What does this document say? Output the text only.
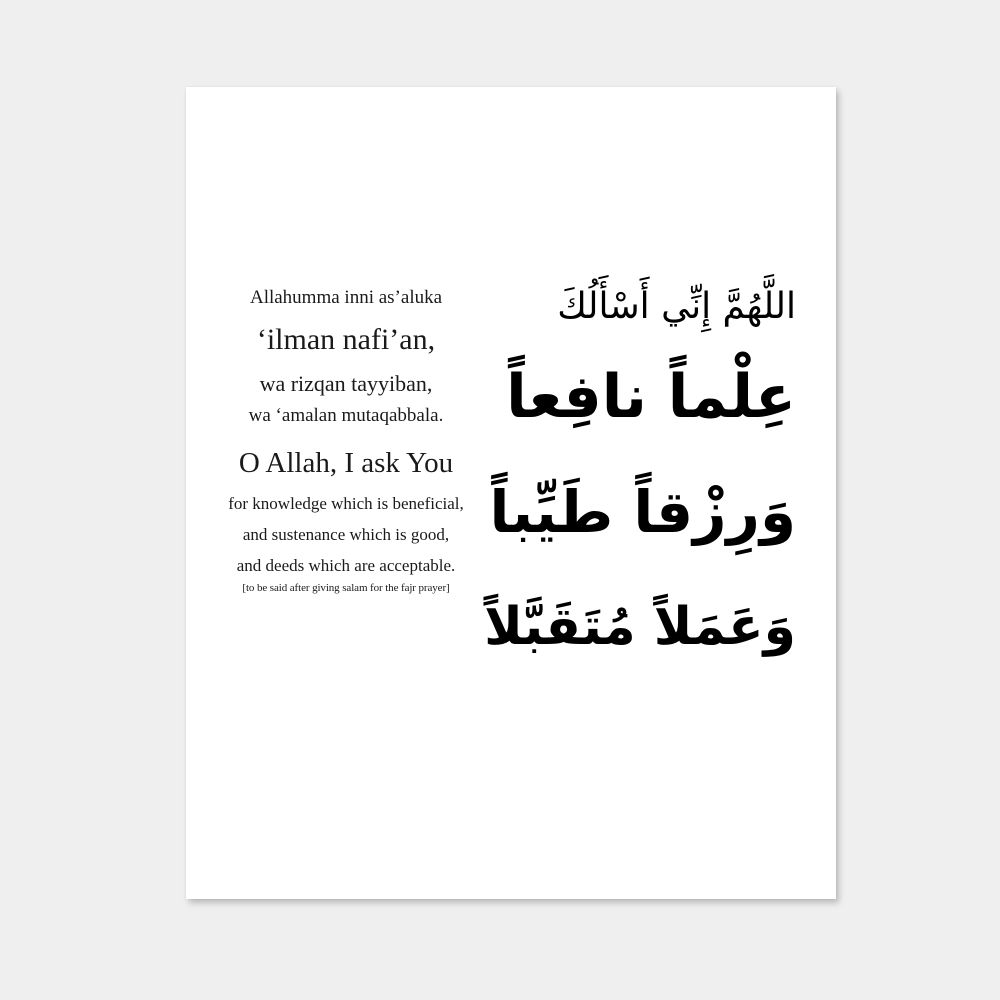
Allahumma inni as’aluka
‘ilman nafi’an,
wa rizqan tayyiban,
wa ‘amalan mutaqabbala.
O Allah, I ask You
for knowledge which is beneficial,
and sustenance which is good,
and deeds which are acceptable.
[to be said after giving salam for the fajr prayer]
اللَّهُمَّ إِنِّي أَسْأَلُكَ
عِلْماً نافِعاً
وَرِزْقاً طَيِّباً
وَعَمَلاً مُتَقَبَّلاً
